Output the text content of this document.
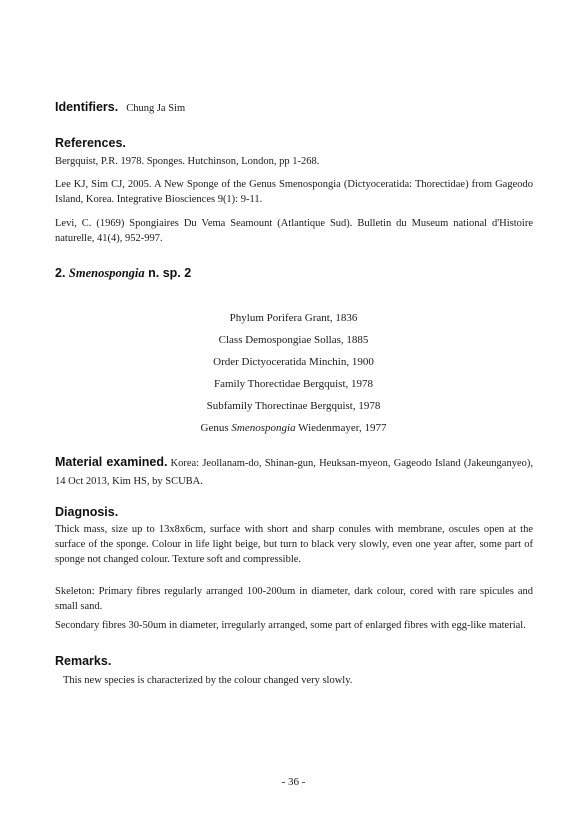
Identifiers. Chung Ja Sim
References.
Bergquist, P.R. 1978. Sponges. Hutchinson, London, pp 1-268.
Lee KJ, Sim CJ, 2005. A New Sponge of the Genus Smenospongia (Dictyoceratida: Thorectidae) from Gageodo Island, Korea. Integrative Biosciences 9(1): 9-11.
Levi, C. (1969) Spongiaires Du Vema Seamount (Atlantique Sud). Bulletin du Museum national d'Histoire naturelle, 41(4), 952-997.
2. Smenospongia n. sp. 2
Phylum Porifera Grant, 1836
Class Demospongiae Sollas, 1885
Order Dictyoceratida Minchin, 1900
Family Thorectidae Bergquist, 1978
Subfamily Thorectinae Bergquist, 1978
Genus Smenospongia Wiedenmayer, 1977
Material examined. Korea: Jeollanam-do, Shinan-gun, Heuksan-myeon, Gageodo Island (Jakeunganyeo), 14 Oct 2013, Kim HS, by SCUBA.
Diagnosis.
Thick mass, size up to 13x8x6cm, surface with short and sharp conules with membrane, oscules open at the surface of the sponge. Colour in life light beige, but turn to black very slowly, even one year after, some part of sponge not changed colour. Texture soft and compressible.
Skeleton: Primary fibres regularly arranged 100-200um in diameter, dark colour, cored with rare spicules and small sand.
Secondary fibres 30-50um in diameter, irregularly arranged, some part of enlarged fibres with egg-like material.
Remarks.
This new species is characterized by the colour changed very slowly.
- 36 -
